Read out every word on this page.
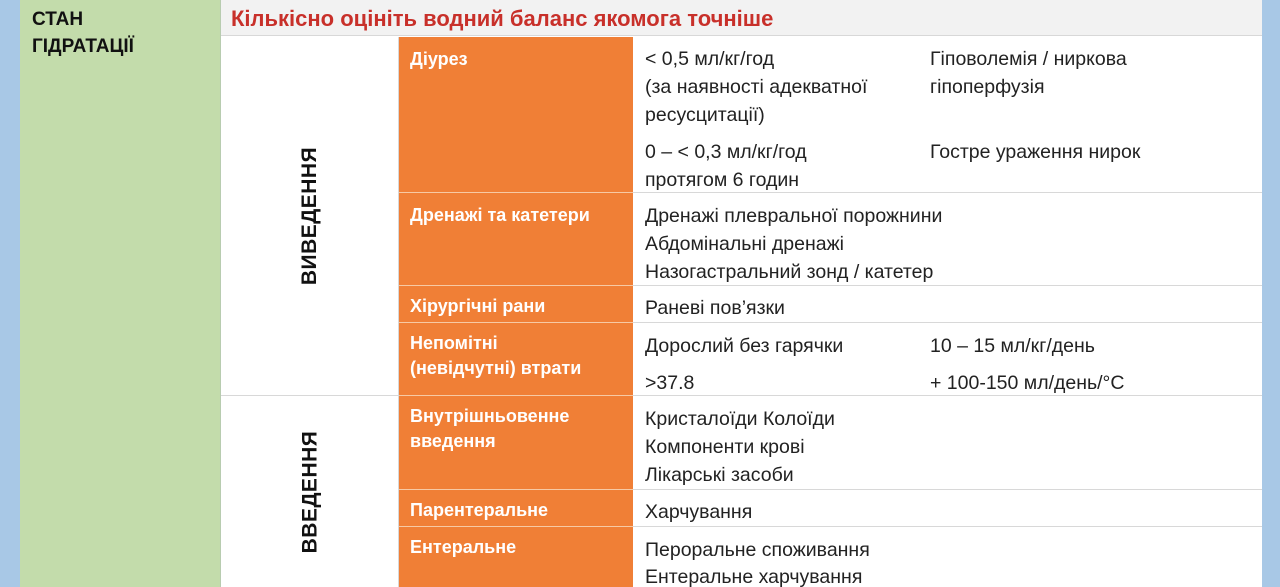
СТАН
ГІДРАТАЦІЇ
Кількісно оцініть водний баланс якомога точніше
ВИВЕДЕННЯ
ВВЕДЕННЯ
Діурез
Дренажі та катетери
Хірургічні рани
Непомітні
(невідчутні) втрати
Внутрішньовенне
введення
Парентеральне
Ентеральне
< 0,5 мл/кг/год
(за наявності адекватної
ресусцитації)
Гіповолемія / ниркова
гіпоперфузія
0 – < 0,3 мл/кг/год
протягом 6 годин
Гостре ураження нирок
Дренажі плевральної порожнини
Абдомінальні дренажі
Назогастральний зонд / катетер
Раневі пов’язки
Дорослий без гарячки	10 – 15 мл/кг/день
>37.8	+ 100-150 мл/день/°C
Кристалоїди Колоїди
Компоненти крові
Лікарські засоби
Харчування
Пероральне споживання
Ентеральне харчування
